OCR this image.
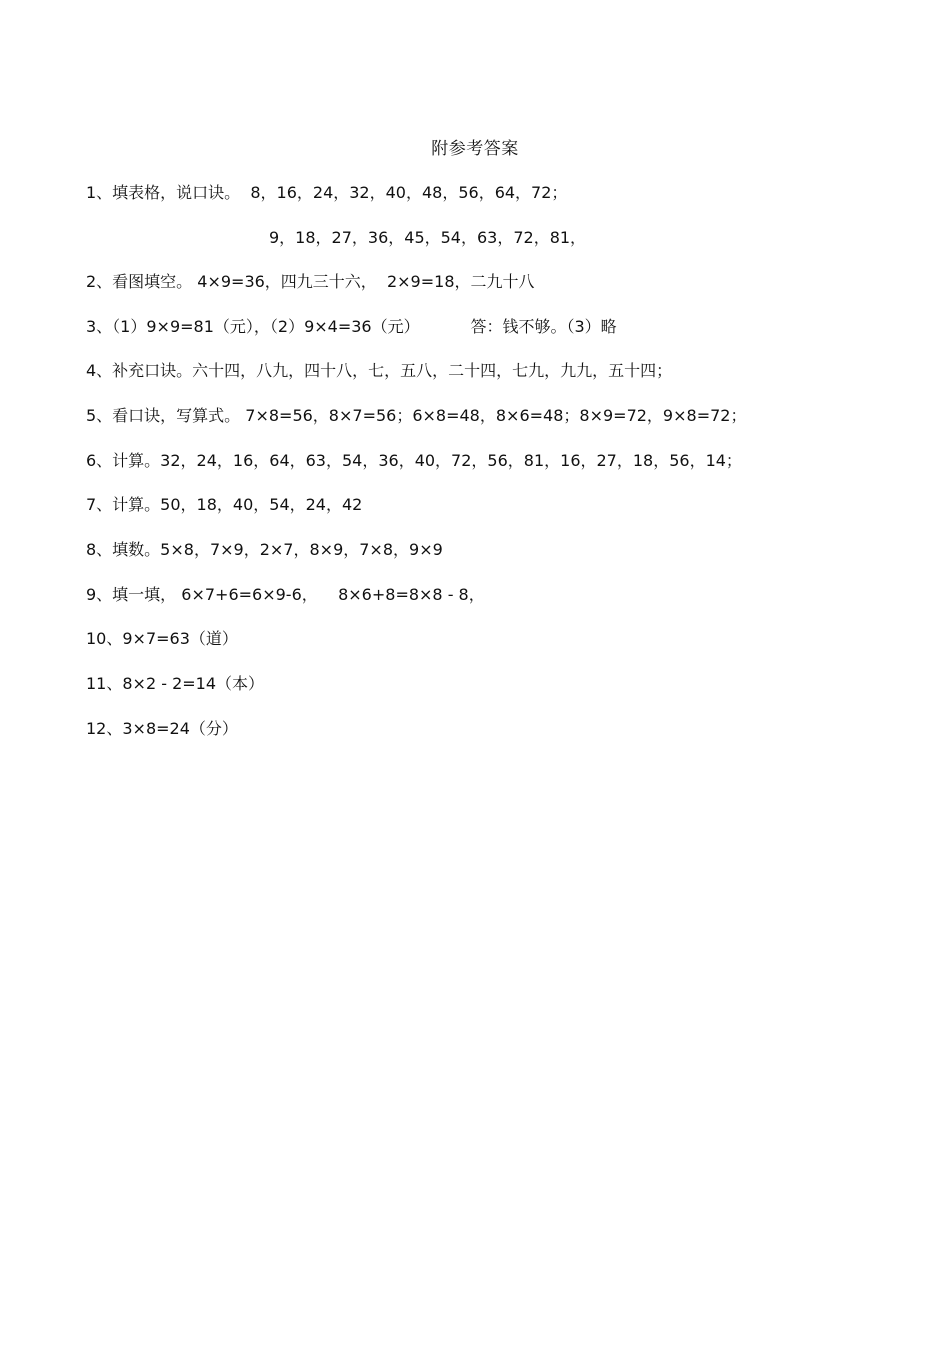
附参考答案
1、填表格，说口诀。  8，16，24，32，40，48，56，64，72；
9，18，27，36，45，54，63，72，81，
2、看图填空。 4×9=36，四九三十六，  2×9=18，二九十八
3、（1）9×9=81（元），（2）9×4=36（元）          答：钱不够。（3）略
4、补充口诀。六十四，八九，四十八，七，五八，二十四，七九，九九，五十四；
5、看口诀，写算式。 7×8=56，8×7=56；6×8=48，8×6=48；8×9=72，9×8=72；
6、计算。32，24，16，64，63，54，36，40，72，56，81，16，27，18，56，14；
7、计算。50，18，40，54，24，42
8、填数。5×8，7×9，2×7，8×9，7×8，9×9
9、填一填， 6×7+6=6×9-6，    8×6+8=8×8 - 8，
10、9×7=63（道）
11、8×2 - 2=14（本）
12、3×8=24（分）
